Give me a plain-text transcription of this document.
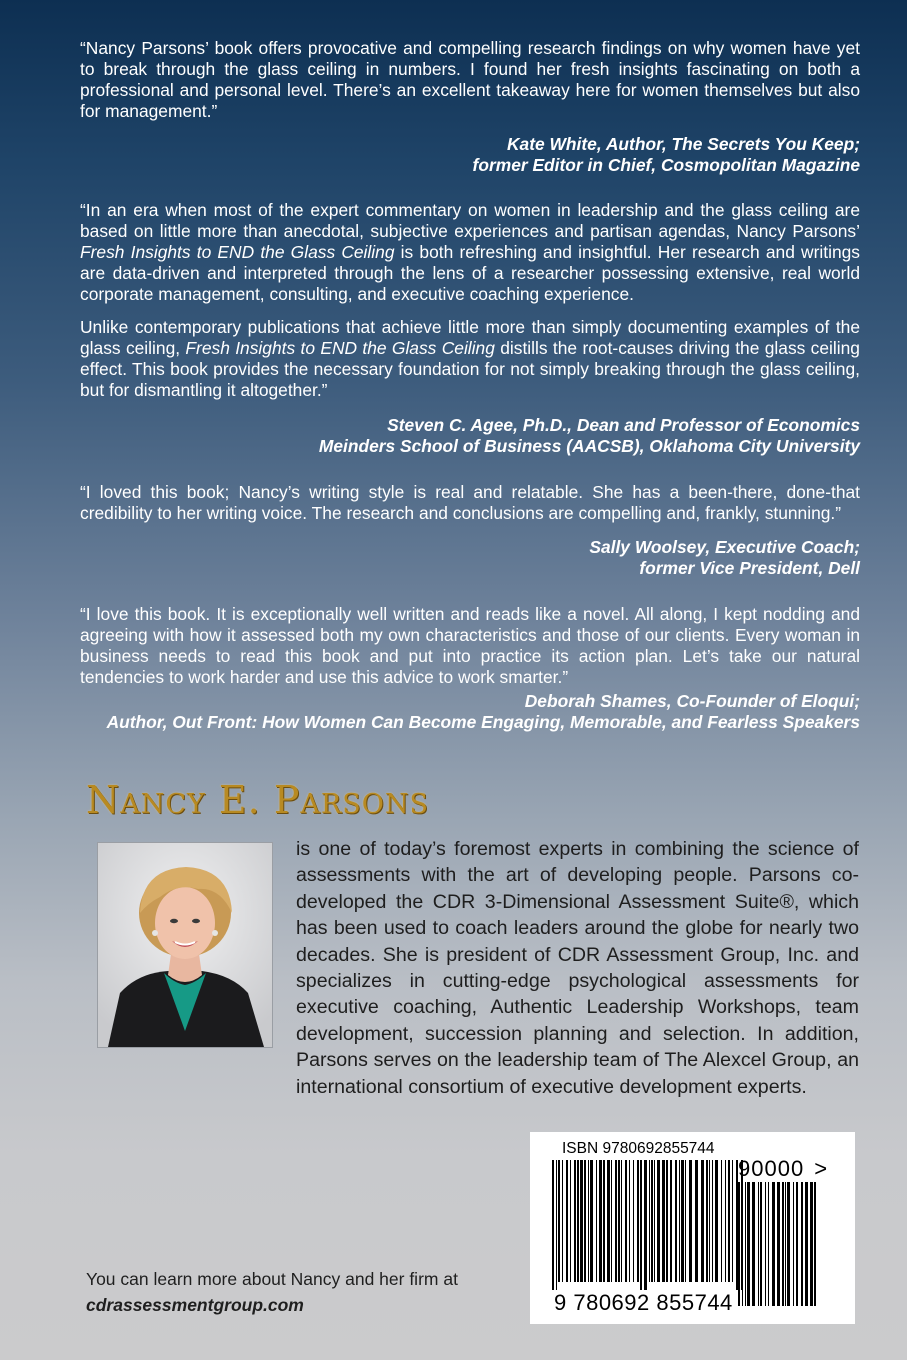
“Nancy Parsons’ book offers provocative and compelling research findings on why women have yet to break through the glass ceiling in numbers. I found her fresh insights fascinating on both a professional and personal level. There’s an excellent takeaway here for women themselves but also for management.”

Kate White, Author, The Secrets You Keep;

former Editor in Chief, Cosmopolitan Magazine

“In an era when most of the expert commentary on women in leadership and the glass ceiling are based on little more than anecdotal, subjective experiences and partisan agendas, Nancy Parsons’ Fresh Insights to END the Glass Ceiling is both refreshing and insightful. Her research and writings are data-driven and interpreted through the lens of a researcher possessing extensive, real world corporate management, consulting, and executive coaching experience.

Unlike contemporary publications that achieve little more than simply documenting examples of the glass ceiling, Fresh Insights to END the Glass Ceiling distills the root-causes driving the glass ceiling effect. This book provides the necessary foundation for not simply breaking through the glass ceiling, but for dismantling it altogether.”

Steven C. Agee, Ph.D., Dean and Professor of Economics

Meinders School of Business (AACSB), Oklahoma City University

“I loved this book; Nancy’s writing style is real and relatable. She has a been-there, done-that credibility to her writing voice. The research and conclusions are compelling and, frankly, stunning.”

Sally Woolsey, Executive Coach;

former Vice President, Dell

“I love this book. It is exceptionally well written and reads like a novel. All along, I kept nodding and agreeing with how it assessed both my own characteristics and those of our clients. Every woman in business needs to read this book and put into practice its action plan. Let’s take our natural tendencies to work harder and use this advice to work smarter.”

Deborah Shames, Co-Founder of Eloqui;

Author, Out Front: How Women Can Become Engaging, Memorable, and Fearless Speakers

Nancy E. Parsons

is one of today’s foremost experts in combining the science of assessments with the art of developing people. Parsons co-developed the CDR 3-Dimensional Assessment Suite®, which has been used to coach leaders around the globe for nearly two decades. She is president of CDR Assessment Group, Inc. and specializes in cutting-edge psychological assessments for executive coaching, Authentic Leadership Workshops, team development, succession planning and selection. In addition, Parsons serves on the leadership team of The Alexcel Group, an international consortium of executive development experts.

You can learn more about Nancy and her firm at
cdrassessmentgroup.com
ISBN 9780692855744
90000 >
9 780692 855744
